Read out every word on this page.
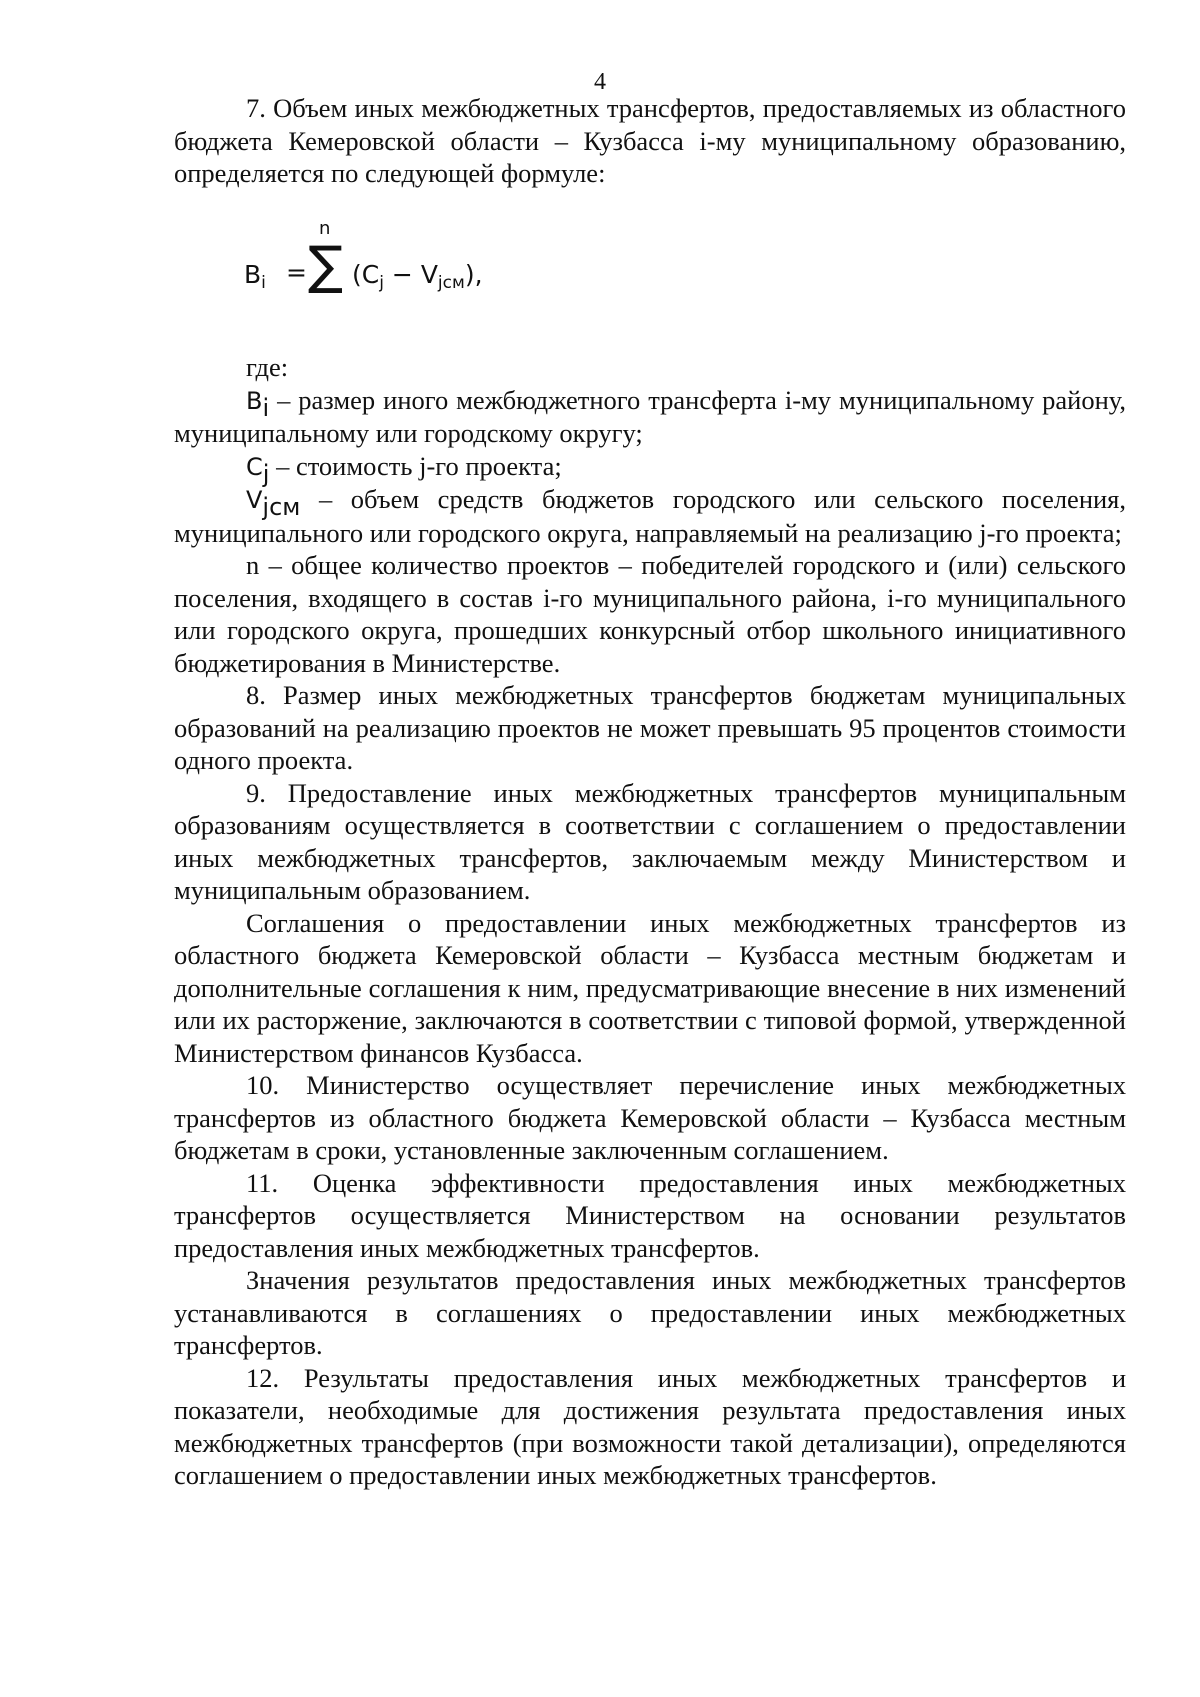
4

7. Объем иных межбюджетных трансфертов, предоставляемых из областного бюджета Кемеровской области – Кузбасса i-му муниципальному образованию, определяется по следующей формуле:

$B_i$ =
n
∑ $(C_j - V_{jсм})$,

где:

$B_i$ – размер иного межбюджетного трансферта i-му муниципальному району, муниципальному или городскому округу;

$C_j$ – стоимость j-го проекта;

$V_{jсм}$ – объем средств бюджетов городского или сельского поселения, муниципального или городского округа, направляемый на реализацию j-го проекта;

n – общее количество проектов – победителей городского и (или) сельского поселения, входящего в состав i-го муниципального района, i-го муниципального или городского округа, прошедших конкурсный отбор школьного инициативного бюджетирования в Министерстве.

8. Размер иных межбюджетных трансфертов бюджетам муниципальных образований на реализацию проектов не может превышать 95 процентов стоимости одного проекта.

9. Предоставление иных межбюджетных трансфертов муниципальным образованиям осуществляется в соответствии с соглашением о предоставлении иных межбюджетных трансфертов, заключаемым между Министерством и муниципальным образованием.

Соглашения о предоставлении иных межбюджетных трансфертов из областного бюджета Кемеровской области – Кузбасса местным бюджетам и дополнительные соглашения к ним, предусматривающие внесение в них изменений или их расторжение, заключаются в соответствии с типовой формой, утвержденной Министерством финансов Кузбасса.

10. Министерство осуществляет перечисление иных межбюджетных трансфертов из областного бюджета Кемеровской области – Кузбасса местным бюджетам в сроки, установленные заключенным соглашением.

11. Оценка эффективности предоставления иных межбюджетных трансфертов осуществляется Министерством на основании результатов предоставления иных межбюджетных трансфертов.

Значения результатов предоставления иных межбюджетных трансфертов устанавливаются в соглашениях о предоставлении иных межбюджетных трансфертов.

12. Результаты предоставления иных межбюджетных трансфертов и показатели, необходимые для достижения результата предоставления иных межбюджетных трансфертов (при возможности такой детализации), определяются соглашением о предоставлении иных межбюджетных трансфертов.
